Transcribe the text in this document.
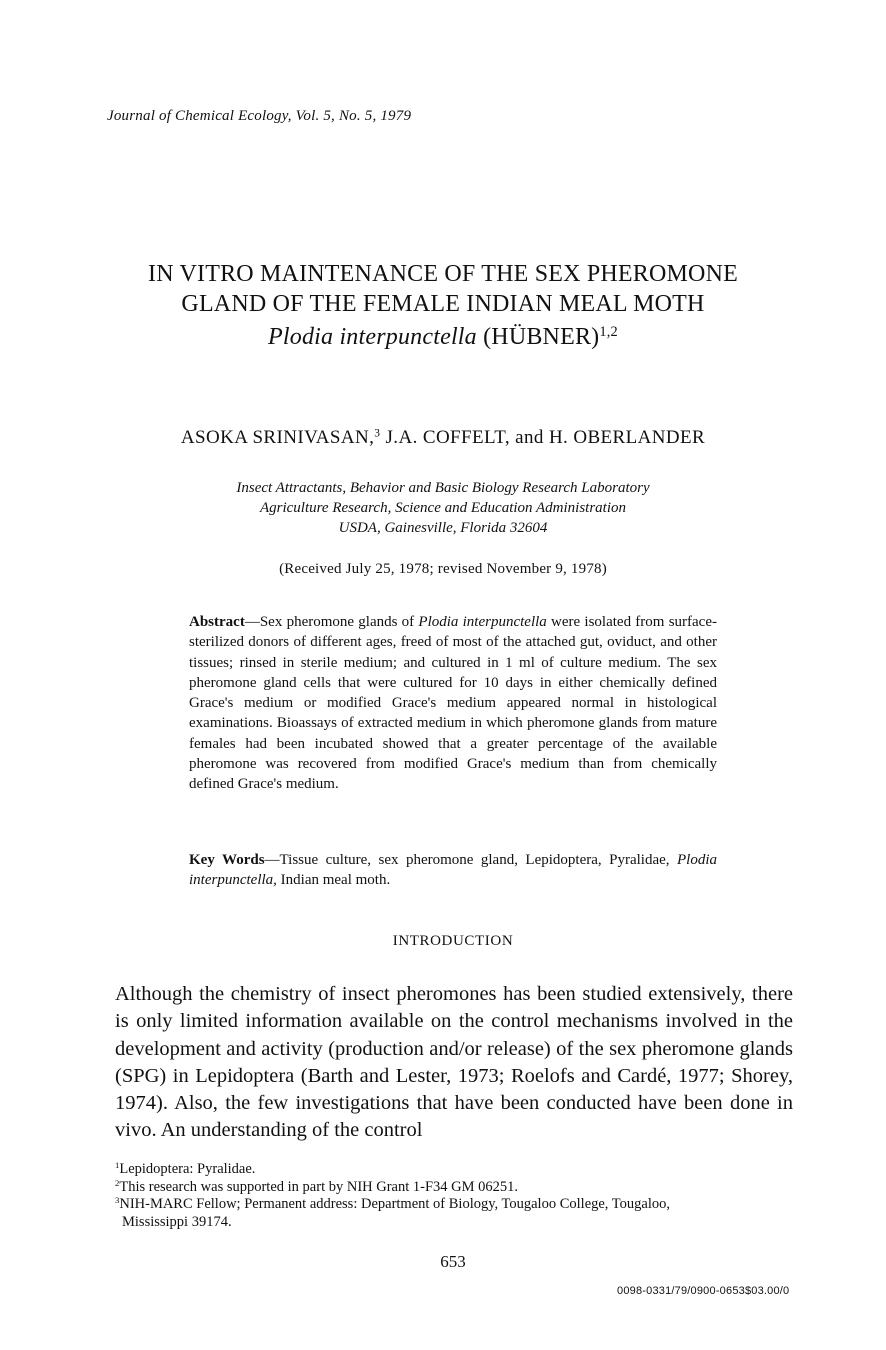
Journal of Chemical Ecology, Vol. 5, No. 5, 1979
IN VITRO MAINTENANCE OF THE SEX PHEROMONE
GLAND OF THE FEMALE INDIAN MEAL MOTH
Plodia interpunctella (HÜBNER)$^{1,2}$
ASOKA SRINIVASAN,$^3$ J.A. COFFELT, and H. OBERLANDER
Insect Attractants, Behavior and Basic Biology Research Laboratory
Agriculture Research, Science and Education Administration
USDA, Gainesville, Florida 32604
(Received July 25, 1978; revised November 9, 1978)
Abstract—Sex pheromone glands of Plodia interpunctella were isolated from surface-sterilized donors of different ages, freed of most of the attached gut, oviduct, and other tissues; rinsed in sterile medium; and cultured in 1 ml of culture medium. The sex pheromone gland cells that were cultured for 10 days in either chemically defined Grace's medium or modified Grace's medium appeared normal in histological examinations. Bioassays of extracted medium in which pheromone glands from mature females had been incubated showed that a greater percentage of the available pheromone was recovered from modified Grace's medium than from chemically defined Grace's medium.
Key Words—Tissue culture, sex pheromone gland, Lepidoptera, Pyralidae, Plodia interpunctella, Indian meal moth.
INTRODUCTION
Although the chemistry of insect pheromones has been studied extensively, there is only limited information available on the control mechanisms involved in the development and activity (production and/or release) of the sex pheromone glands (SPG) in Lepidoptera (Barth and Lester, 1973; Roelofs and Cardé, 1977; Shorey, 1974). Also, the few investigations that have been conducted have been done in vivo. An understanding of the control
$^1$Lepidoptera: Pyralidae.
$^2$This research was supported in part by NIH Grant 1-F34 GM 06251.
$^3$NIH-MARC Fellow; Permanent address: Department of Biology, Tougaloo College, Tougaloo,
Mississippi 39174.
653
0098-0331/79/0900-0653$03.00/0
